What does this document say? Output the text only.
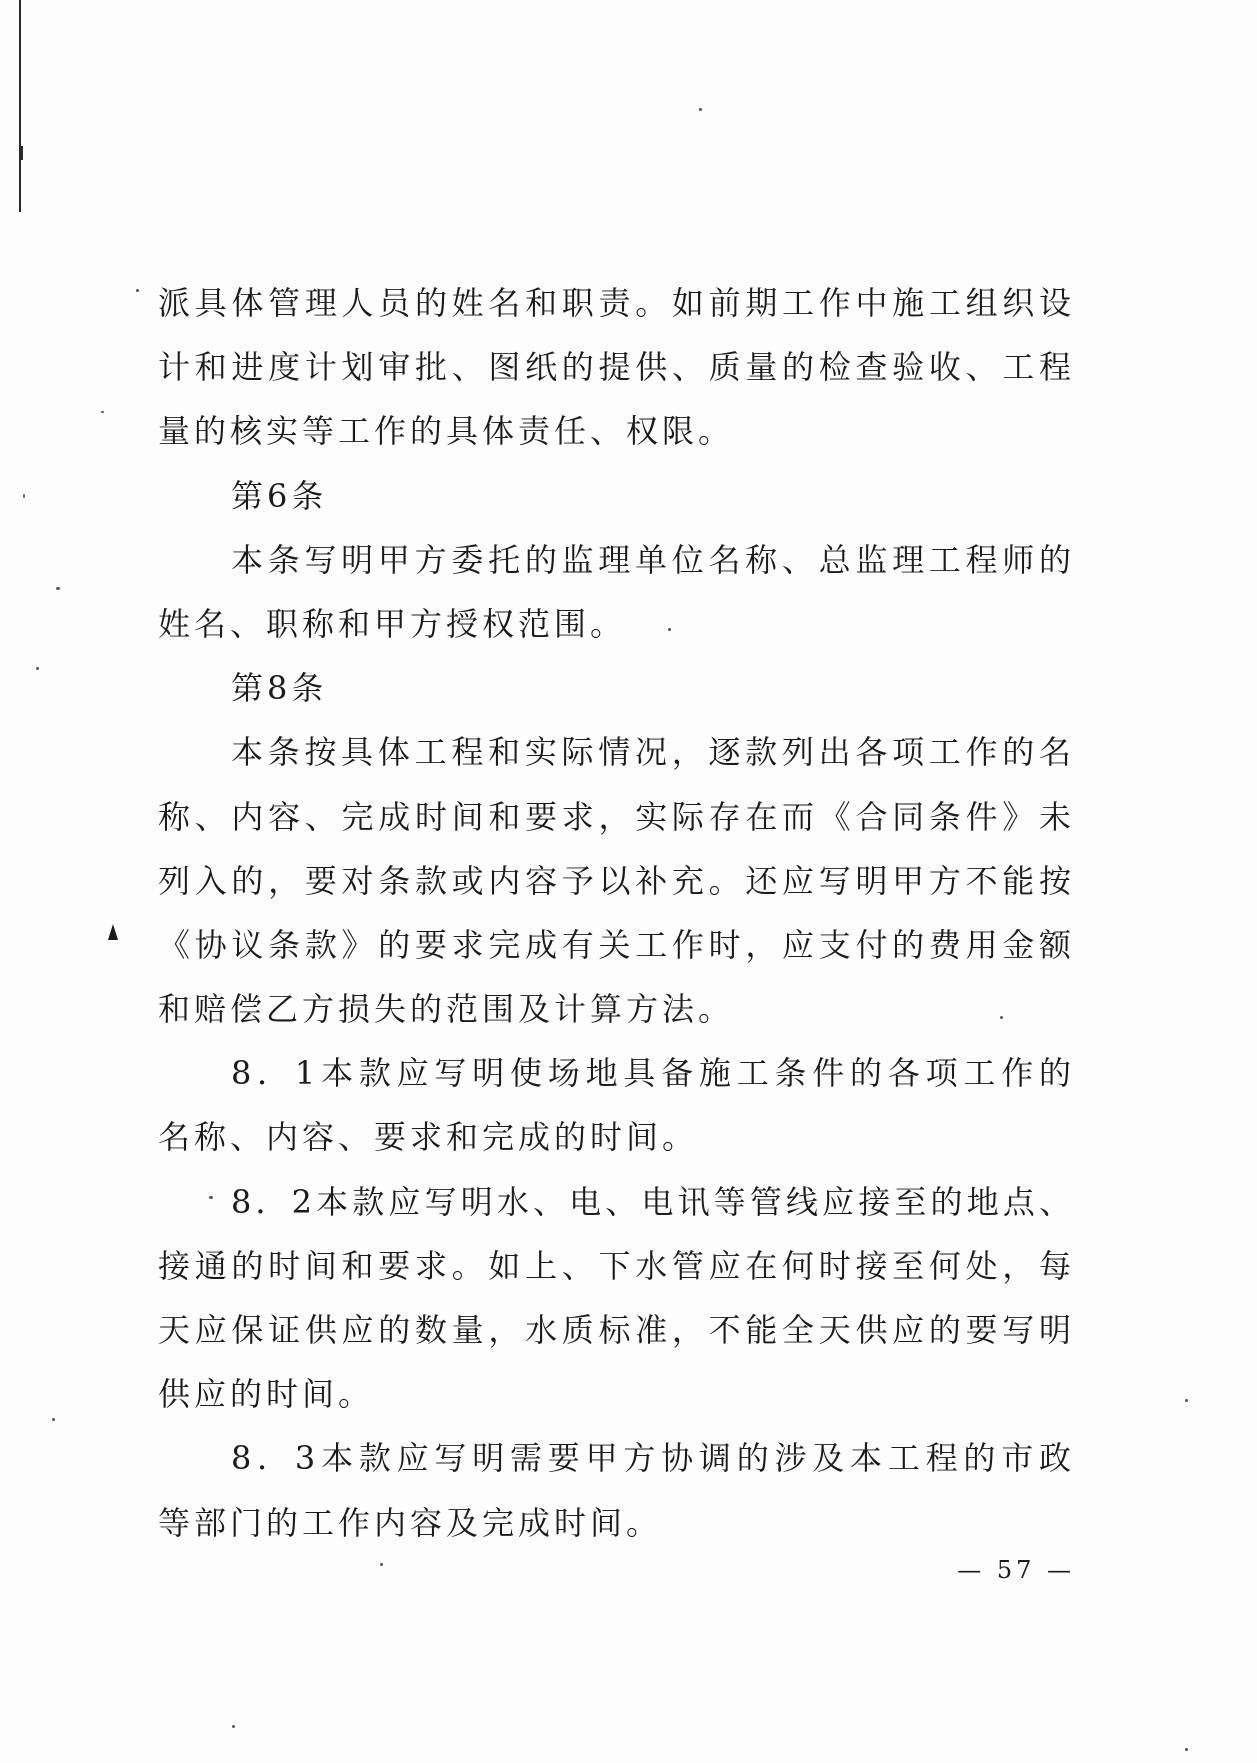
派具体管理人员的姓名和职责。如前期工作中施工组织设
计和进度计划审批、图纸的提供、质量的检查验收、工程
量的核实等工作的具体责任、权限。
第6条
本条写明甲方委托的监理单位名称、总监理工程师的
姓名、职称和甲方授权范围。
第8条
本条按具体工程和实际情况，逐款列出各项工作的名
称、内容、完成时间和要求，实际存在而《合同条件》未
列入的，要对条款或内容予以补充。还应写明甲方不能按
《协议条款》的要求完成有关工作时，应支付的费用金额
和赔偿乙方损失的范围及计算方法。
8．1本款应写明使场地具备施工条件的各项工作的
名称、内容、要求和完成的时间。
8．2本款应写明水、电、电讯等管线应接至的地点、
接通的时间和要求。如上、下水管应在何时接至何处，每
天应保证供应的数量，水质标准，不能全天供应的要写明
供应的时间。
8．3本款应写明需要甲方协调的涉及本工程的市政
等部门的工作内容及完成时间。
— 57 —
